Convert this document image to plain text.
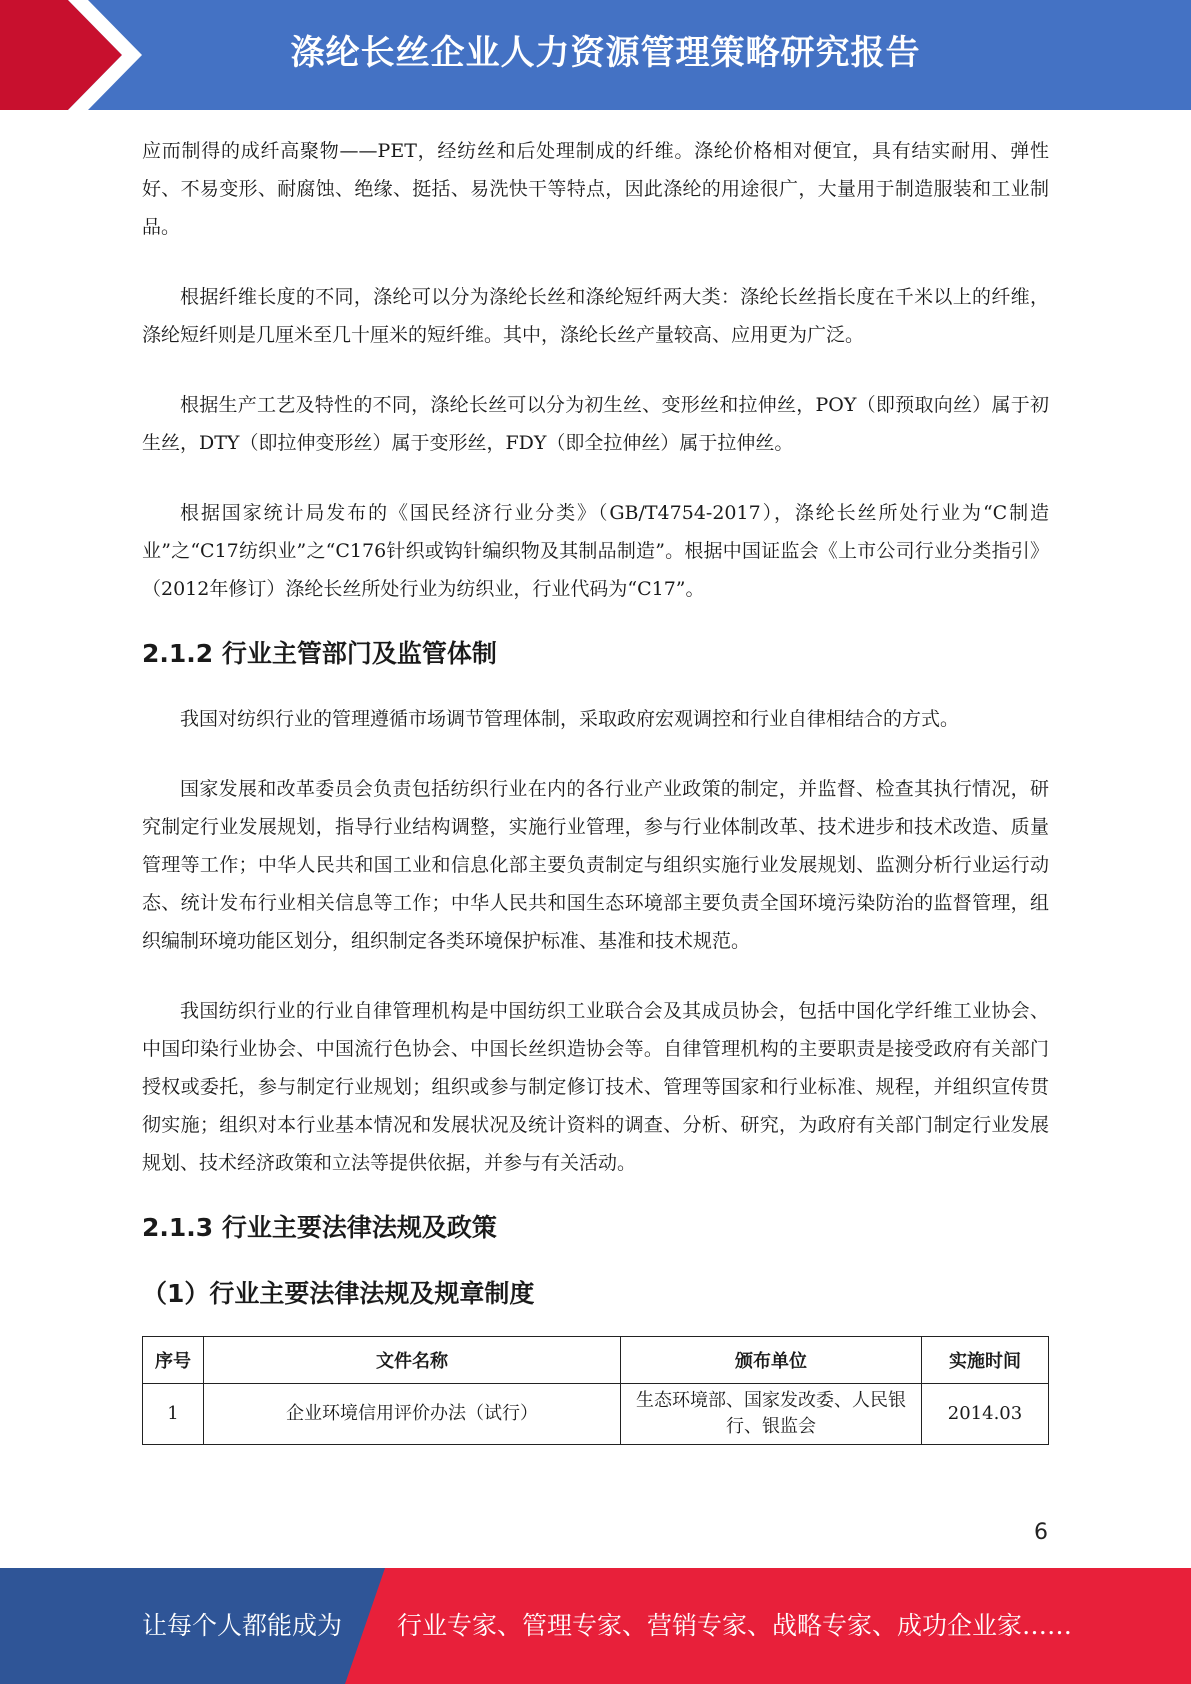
涤纶长丝企业人力资源管理策略研究报告

应而制得的成纤高聚物——PET，经纺丝和后处理制成的纤维。涤纶价格相对便宜，具有结实耐用、弹性好、不易变形、耐腐蚀、绝缘、挺括、易洗快干等特点，因此涤纶的用途很广，大量用于制造服装和工业制品。

根据纤维长度的不同，涤纶可以分为涤纶长丝和涤纶短纤两大类：涤纶长丝指长度在千米以上的纤维，涤纶短纤则是几厘米至几十厘米的短纤维。其中，涤纶长丝产量较高、应用更为广泛。

根据生产工艺及特性的不同，涤纶长丝可以分为初生丝、变形丝和拉伸丝，POY（即预取向丝）属于初生丝，DTY（即拉伸变形丝）属于变形丝，FDY（即全拉伸丝）属于拉伸丝。

根据国家统计局发布的《国民经济行业分类》（GB/T4754-2017），涤纶长丝所处行业为“C制造业”之“C17纺织业”之“C176针织或钩针编织物及其制品制造”。根据中国证监会《上市公司行业分类指引》（2012年修订）涤纶长丝所处行业为纺织业，行业代码为“C17”。

2.1.2 行业主管部门及监管体制

我国对纺织行业的管理遵循市场调节管理体制，采取政府宏观调控和行业自律相结合的方式。

国家发展和改革委员会负责包括纺织行业在内的各行业产业政策的制定，并监督、检查其执行情况，研究制定行业发展规划，指导行业结构调整，实施行业管理，参与行业体制改革、技术进步和技术改造、质量管理等工作；中华人民共和国工业和信息化部主要负责制定与组织实施行业发展规划、监测分析行业运行动态、统计发布行业相关信息等工作；中华人民共和国生态环境部主要负责全国环境污染防治的监督管理，组织编制环境功能区划分，组织制定各类环境保护标准、基准和技术规范。

我国纺织行业的行业自律管理机构是中国纺织工业联合会及其成员协会，包括中国化学纤维工业协会、中国印染行业协会、中国流行色协会、中国长丝织造协会等。自律管理机构的主要职责是接受政府有关部门授权或委托，参与制定行业规划；组织或参与制定修订技术、管理等国家和行业标准、规程，并组织宣传贯彻实施；组织对本行业基本情况和发展状况及统计资料的调查、分析、研究，为政府有关部门制定行业发展规划、技术经济政策和立法等提供依据，并参与有关活动。

2.1.3 行业主要法律法规及政策
（1）行业主要法律法规及规章制度
序号	文件名称	颁布单位	实施时间
1	企业环境信用评价办法（试行）	生态环境部、国家发改委、人民银行、银监会	2014.03
6
让每个人都能成为 行业专家、管理专家、营销专家、战略专家、成功企业家……
